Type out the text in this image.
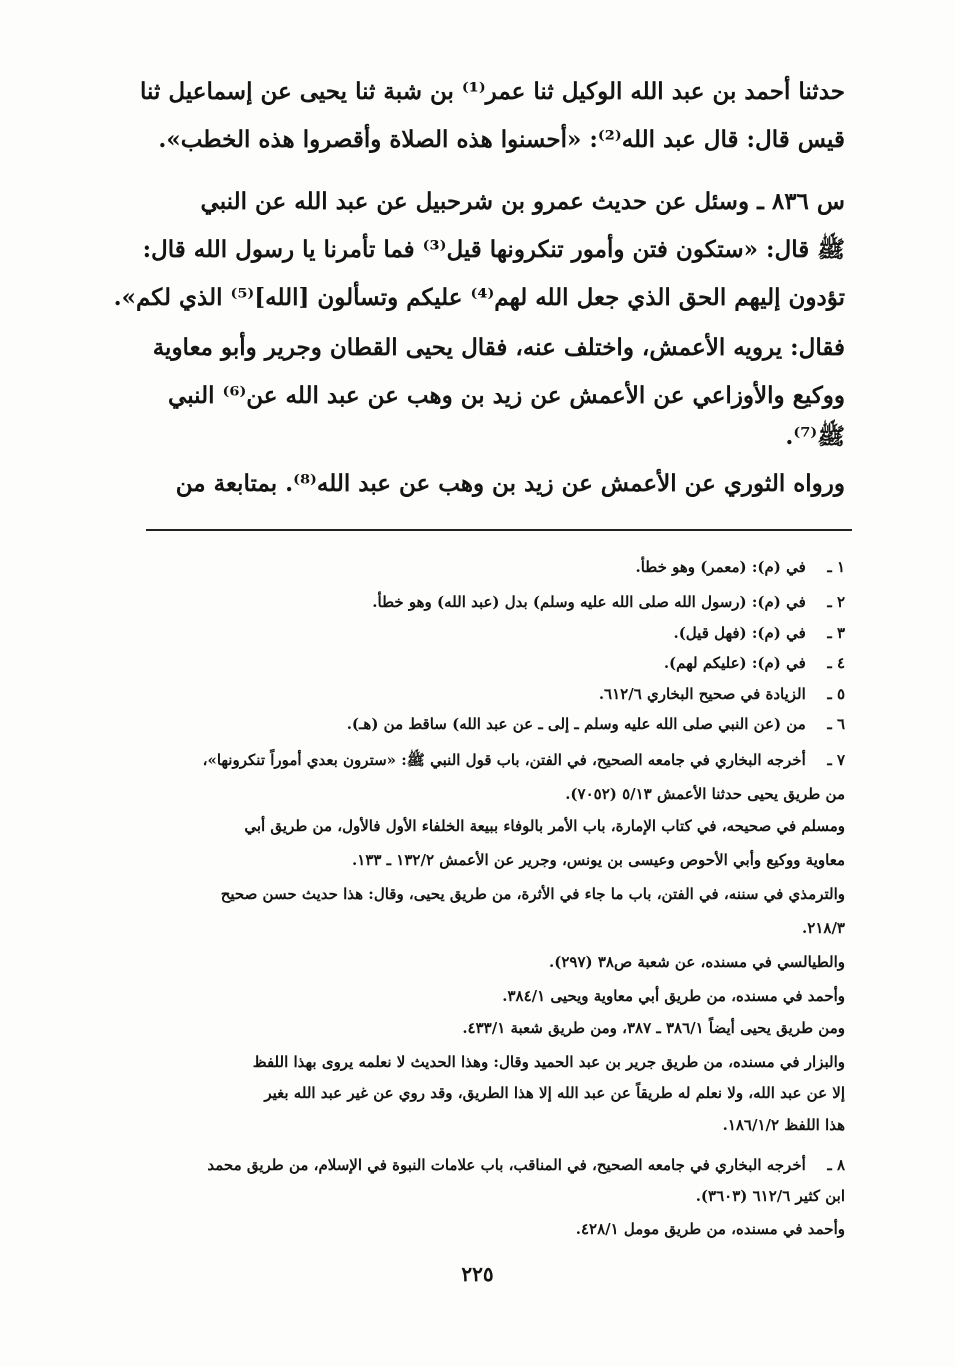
حدثنا أحمد بن عبد الله الوكيل ثنا عمر⁽¹⁾ بن شبة ثنا يحيى عن إسماعيل ثنا
قيس قال: قال عبد الله⁽²⁾: «أحسنوا هذه الصلاة وأقصروا هذه الخطب».
س ٨٣٦ ـ وسئل عن حديث عمرو بن شرحبيل عن عبد الله عن النبي
ﷺ قال: «ستكون فتن وأمور تنكرونها قيل⁽³⁾ فما تأمرنا يا رسول الله قال:
تؤدون إليهم الحق الذي جعل الله لهم⁽⁴⁾ عليكم وتسألون [الله]⁽⁵⁾ الذي لكم».
فقال: يرويه الأعمش، واختلف عنه، فقال يحيى القطان وجرير وأبو معاوية
ووكيع والأوزاعي عن الأعمش عن زيد بن وهب عن عبد الله عن⁽⁶⁾ النبي
ﷺ⁽⁷⁾.
ورواه الثوري عن الأعمش عن زيد بن وهب عن عبد الله⁽⁸⁾. بمتابعة من
١ ـ في (م): (معمر) وهو خطأ.
٢ ـ في (م): (رسول الله صلى الله عليه وسلم) بدل (عبد الله) وهو خطأ.
٣ ـ في (م): (فهل قيل).
٤ ـ في (م): (عليكم لهم).
٥ ـ الزيادة في صحيح البخاري ٦١٢/٦.
٦ ـ من (عن النبي صلى الله عليه وسلم ـ إلى ـ عن عبد الله) ساقط من (هـ).
٧ ـ أخرجه البخاري في جامعه الصحيح، في الفتن، باب قول النبي ﷺ: «سترون بعدي أموراً تنكرونها»،
من طريق يحيى حدثنا الأعمش ٥/١٣ (٧٠٥٢).
ومسلم في صحيحه، في كتاب الإمارة، باب الأمر بالوفاء ببيعة الخلفاء الأول فالأول، من طريق أبي
معاوية ووكيع وأبي الأحوص وعيسى بن يونس، وجرير عن الأعمش ١٣٢/٢ ـ ١٣٣.
والترمذي في سننه، في الفتن، باب ما جاء في الأثرة، من طريق يحيى، وقال: هذا حديث حسن صحيح
٢١٨/٣.
والطيالسي في مسنده، عن شعبة ص٣٨ (٢٩٧).
وأحمد في مسنده، من طريق أبي معاوية ويحيى ٣٨٤/١.
ومن طريق يحيى أيضاً ٣٨٦/١ ـ ٣٨٧، ومن طريق شعبة ٤٣٣/١.
والبزار في مسنده، من طريق جرير بن عبد الحميد وقال: وهذا الحديث لا نعلمه يروى بهذا اللفظ
إلا عن عبد الله، ولا نعلم له طريقاً عن عبد الله إلا هذا الطريق، وقد روي عن غير عبد الله بغير
هذا اللفظ ١٨٦/١/٢.
٨ ـ أخرجه البخاري في جامعه الصحيح، في المناقب، باب علامات النبوة في الإسلام، من طريق محمد
ابن كثير ٦١٢/٦ (٣٦٠٣).
وأحمد في مسنده، من طريق مومل ٤٢٨/١.
٢٢٥
